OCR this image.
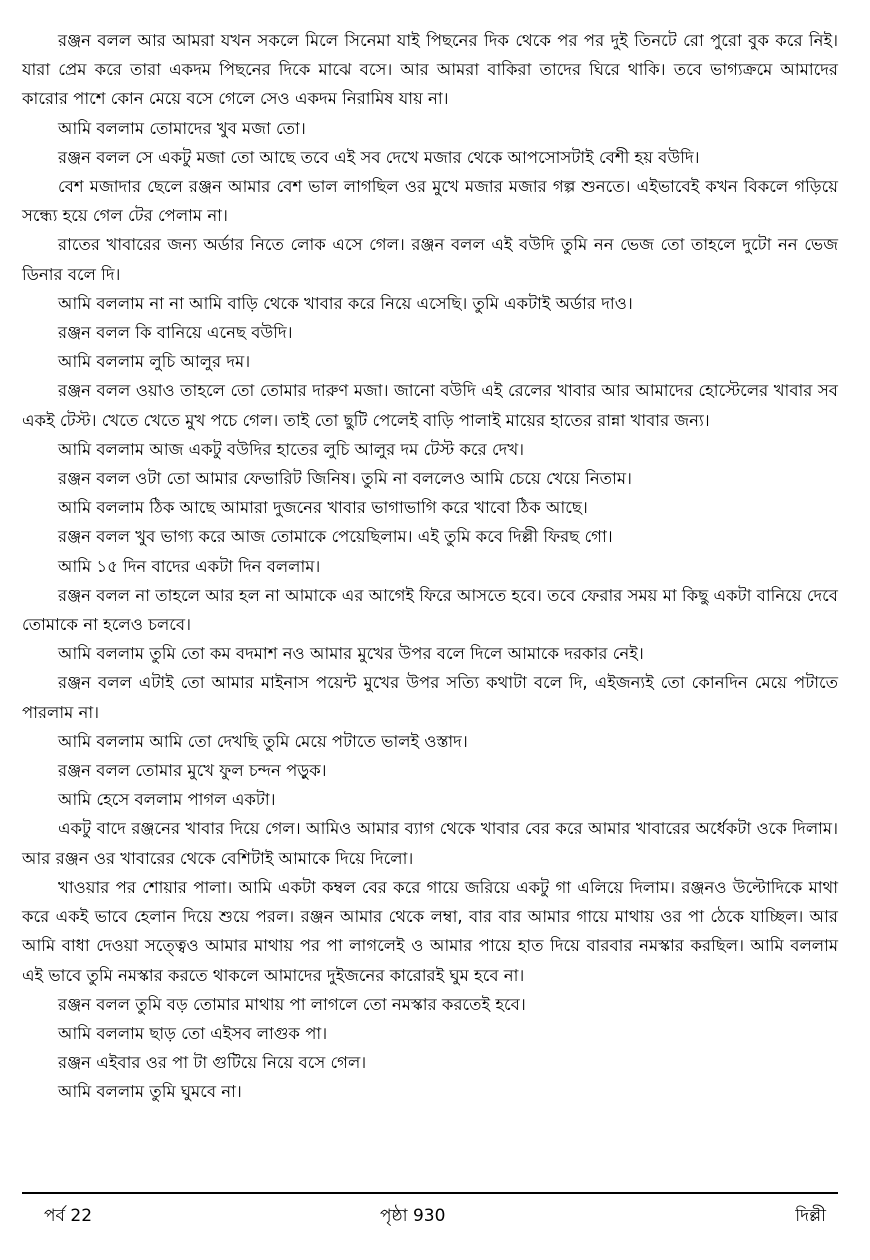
রঞ্জন বলল আর আমরা যখন সকলে মিলে সিনেমা যাই পিছনের দিক থেকে পর পর দুই তিনটে রো পুরো বুক করে নিই। যারা প্রেম করে তারা একদম পিছনের দিকে মাঝে বসে। আর আমরা বাকিরা তাদের ঘিরে থাকি। তবে ভাগ্যক্রমে আমাদের কারোর পাশে কোন মেয়ে বসে গেলে সেও একদম নিরামিষ যায় না।

আমি বললাম তোমাদের খুব মজা তো।

রঞ্জন বলল সে একটু মজা তো আছে তবে এই সব দেখে মজার থেকে আপসোসটাই বেশী হয় বউদি।

বেশ মজাদার ছেলে রঞ্জন আমার বেশ ভাল লাগছিল ওর মুখে মজার মজার গল্প শুনতে। এইভাবেই কখন বিকলে গড়িয়ে সন্ধ্যে হয়ে গেল টের পেলাম না।

রাতের খাবারের জন্য অর্ডার নিতে লোক এসে গেল। রঞ্জন বলল এই বউদি তুমি নন ভেজ তো তাহলে দুটো নন ভেজ ডিনার বলে দি।

আমি বললাম না না আমি বাড়ি থেকে খাবার করে নিয়ে এসেছি। তুমি একটাই অর্ডার দাও।

রঞ্জন বলল কি বানিয়ে এনেছ বউদি।

আমি বললাম লুচি আলুর দম।

রঞ্জন বলল ওয়াও তাহলে তো তোমার দারুণ মজা। জানো বউদি এই রেলের খাবার আর আমাদের হোস্টেলের খাবার সব একই টেস্ট। খেতে খেতে মুখ পচে গেল। তাই তো ছুটি পেলেই বাড়ি পালাই মায়ের হাতের রান্না খাবার জন্য।

আমি বললাম আজ একটু বউদির হাতের লুচি আলুর দম টেস্ট করে দেখ।

রঞ্জন বলল ওটা তো আমার ফেভারিট জিনিষ। তুমি না বললেও আমি চেয়ে খেয়ে নিতাম।

আমি বললাম ঠিক আছে আমারা দুজনের খাবার ভাগাভাগি করে খাবো ঠিক আছে।

রঞ্জন বলল খুব ভাগ্য করে আজ তোমাকে পেয়েছিলাম। এই তুমি কবে দিল্লী ফিরছ গো।

আমি ১৫ দিন বাদের একটা দিন বললাম।

রঞ্জন বলল না তাহলে আর হল না আমাকে এর আগেই ফিরে আসতে হবে। তবে ফেরার সময় মা কিছু একটা বানিয়ে দেবে তোমাকে না হলেও চলবে।

আমি বললাম তুমি তো কম বদমাশ নও আমার মুখের উপর বলে দিলে আমাকে দরকার নেই।

রঞ্জন বলল এটাই তো আমার মাইনাস পয়েন্ট মুখের উপর সত্যি কথাটা বলে দি, এইজন্যই তো কোনদিন মেয়ে পটাতে পারলাম না।

আমি বললাম আমি তো দেখছি তুমি মেয়ে পটাতে ভালই ওস্তাদ।

রঞ্জন বলল তোমার মুখে ফুল চন্দন পড়ুক।

আমি হেসে বললাম পাগল একটা।

একটু বাদে রঞ্জনের খাবার দিয়ে গেল। আমিও আমার ব্যাগ থেকে খাবার বের করে আমার খাবারের অর্ধেকটা ওকে দিলাম। আর রঞ্জন ওর খাবারের থেকে বেশিটাই আমাকে দিয়ে দিলো।

খাওয়ার পর শোয়ার পালা। আমি একটা কম্বল বের করে গায়ে জরিয়ে একটু গা এলিয়ে দিলাম। রঞ্জনও উল্টোদিকে মাথা করে একই ভাবে হেলান দিয়ে শুয়ে পরল। রঞ্জন আমার থেকে লম্বা, বার বার আমার গায়ে মাথায় ওর পা ঠেকে যাচ্ছিল। আর আমি বাধা দেওয়া সত্ত্বেও আমার মাথায় পর পা লাগলেই ও আমার পায়ে হাত দিয়ে বারবার নমস্কার করছিল। আমি বললাম এই ভাবে তুমি নমস্কার করতে থাকলে আমাদের দুইজনের কারোরই ঘুম হবে না।

রঞ্জন বলল তুমি বড় তোমার মাথায় পা লাগলে তো নমস্কার করতেই হবে।

আমি বললাম ছাড় তো এইসব লাগুক পা।

রঞ্জন এইবার ওর পা টা গুটিয়ে নিয়ে বসে গেল।

আমি বললাম তুমি ঘুমবে না।

পর্ব 22	পৃষ্ঠা 930	দিল্লী
